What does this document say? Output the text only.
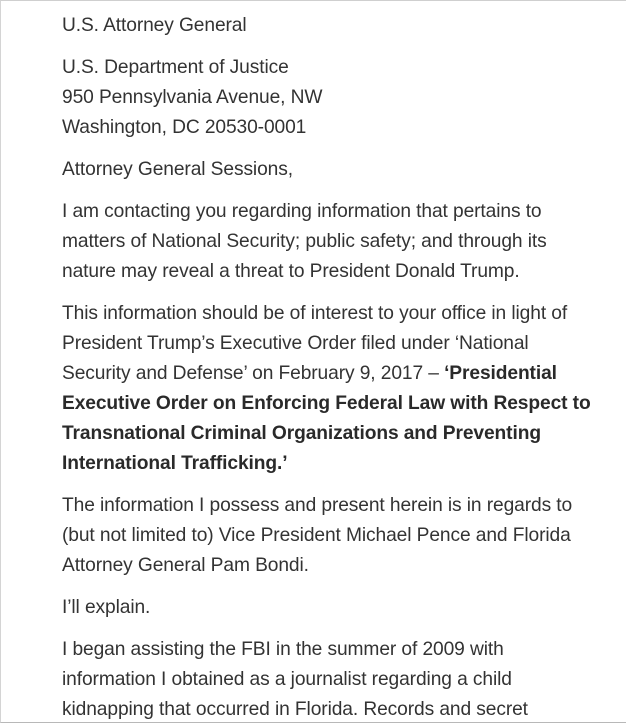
U.S. Attorney General

U.S. Department of Justice
950 Pennsylvania Avenue, NW
Washington, DC 20530-0001

Attorney General Sessions,

I am contacting you regarding information that pertains to
matters of National Security; public safety; and through its
nature may reveal a threat to President Donald Trump.

This information should be of interest to your office in light of
President Trump’s Executive Order filed under ‘National
Security and Defense’ on February 9, 2017 – ‘Presidential
Executive Order on Enforcing Federal Law with Respect to
Transnational Criminal Organizations and Preventing
International Trafficking.’

The information I possess and present herein is in regards to
(but not limited to) Vice President Michael Pence and Florida
Attorney General Pam Bondi.

I’ll explain.

I began assisting the FBI in the summer of 2009 with
information I obtained as a journalist regarding a child
kidnapping that occurred in Florida. Records and secret
